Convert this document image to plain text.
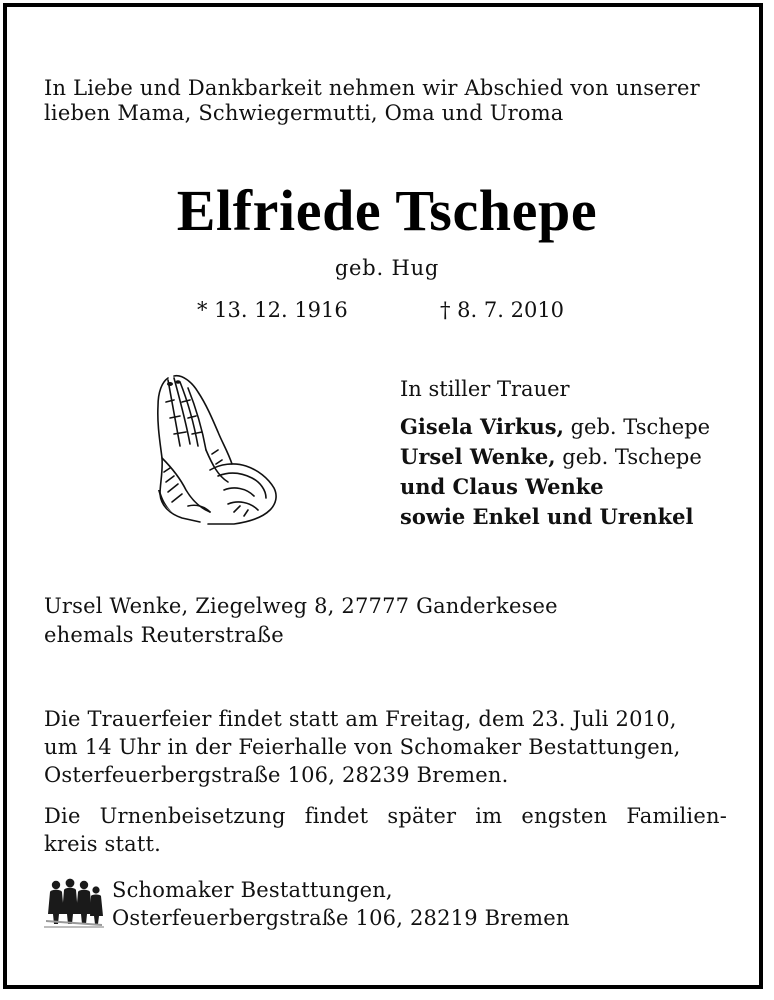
In Liebe und Dankbarkeit nehmen wir Abschied von unserer
lieben Mama, Schwiegermutti, Oma und Uroma

Elfriede Tschepe
geb. Hug
* 13. 12. 1916	† 8. 7. 2010
In stiller Trauer
Gisela Virkus, geb. Tschepe
Ursel Wenke, geb. Tschepe
und Claus Wenke
sowie Enkel und Urenkel

Ursel Wenke, Ziegelweg 8, 27777 Ganderkesee
ehemals Reuterstraße

Die Trauerfeier findet statt am Freitag, dem 23. Juli 2010,
um 14 Uhr in der Feierhalle von Schomaker Bestattungen,
Osterfeuerbergstraße 106, 28239 Bremen.

Die Urnenbeisetzung findet später im engsten Familien-
kreis statt.

Schomaker Bestattungen,
Osterfeuerbergstraße 106, 28219 Bremen
